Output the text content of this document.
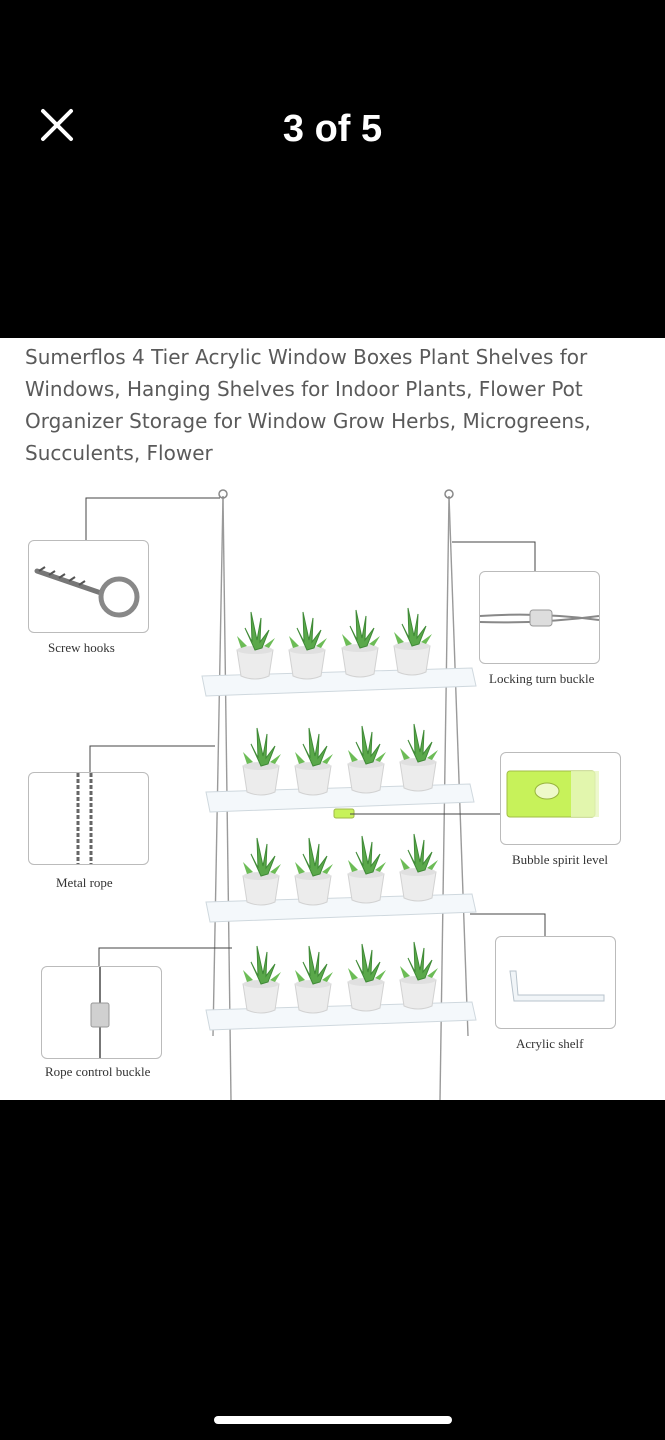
3 of 5
Sumerflos 4 Tier Acrylic Window Boxes Plant Shelves for Windows, Hanging Shelves for Indoor Plants, Flower Pot Organizer Storage for Window Grow Herbs, Microgreens, Succulents, Flower
Screw hooks
Locking turn buckle
Metal rope
Bubble spirit level
Acrylic shelf
Rope control buckle
